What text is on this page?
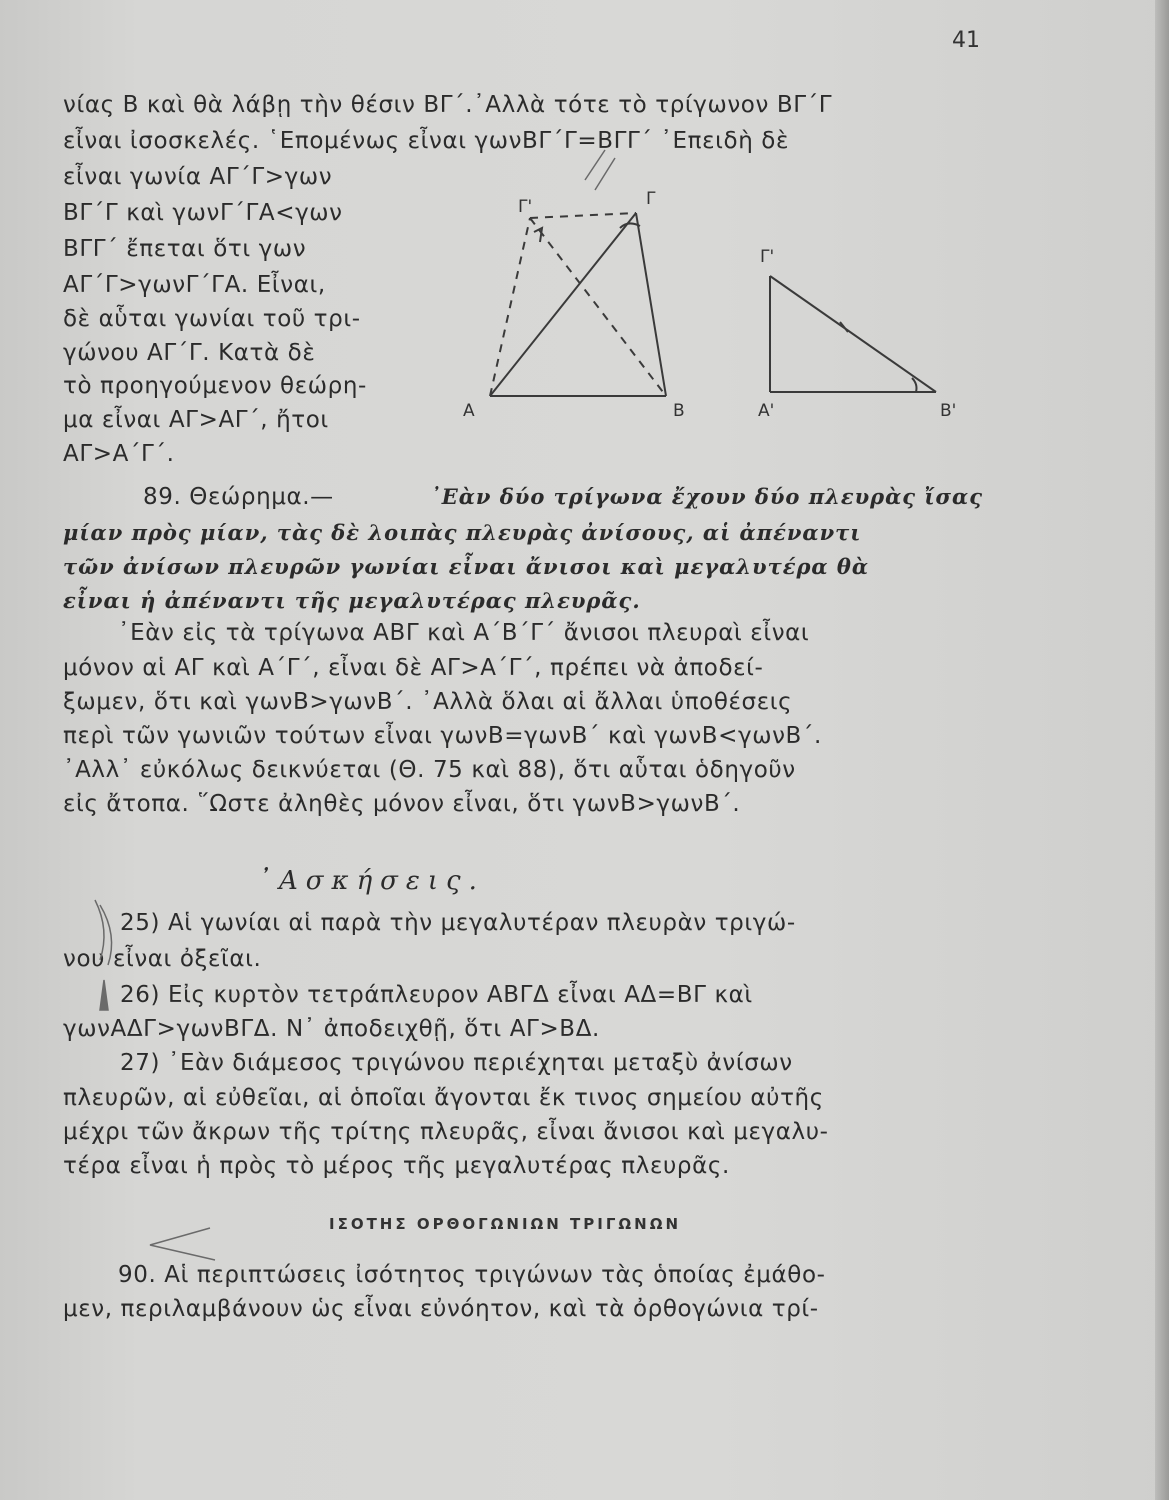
41
νίας Β καὶ θὰ λάβῃ τὴν θέσιν ΒΓ΄.᾿Αλλὰ τότε τὸ τρίγωνον ΒΓ΄Γ
εἶναι ἰσοσκελές. ῾Επομένως εἶναι γωνΒΓ΄Γ=ΒΓΓ΄ ᾿Επειδὴ δὲ
εἶναι γωνία ΑΓ΄Γ>γων
ΒΓ΄Γ καὶ γωνΓ΄ΓΑ<γων
ΒΓΓ΄ ἔπεται ὅτι γων
ΑΓ΄Γ>γωνΓ΄ΓΑ. Εἶναι,
δὲ αὗται γωνίαι τοῦ τρι-
γώνου ΑΓ΄Γ. Κατὰ δὲ
τὸ προηγούμενον θεώρη-
μα εἶναι ΑΓ>ΑΓ΄, ἤτοι
ΑΓ>Α΄Γ΄.
Γ'	Γ
Α	Β
Γ'
Α'	Β'
89. Θεώρημα.—	᾿Εὰν δύο τρίγωνα ἔχουν δύο πλευρὰς ἴσας
μίαν πρὸς μίαν, τὰς δὲ λοιπὰς πλευρὰς ἀνίσους, αἱ ἀπέναντι
τῶν ἀνίσων πλευρῶν γωνίαι εἶναι ἄνισοι καὶ μεγαλυτέρα θὰ
εἶναι ἡ ἀπέναντι τῆς μεγαλυτέρας πλευρᾶς.
᾿Εὰν εἰς τὰ τρίγωνα ΑΒΓ καὶ Α΄Β΄Γ΄ ἄνισοι πλευραὶ εἶναι
μόνον αἱ ΑΓ καὶ Α΄Γ΄, εἶναι δὲ ΑΓ>Α΄Γ΄, πρέπει νὰ ἀποδεί-
ξωμεν, ὅτι καὶ γωνΒ>γωνΒ΄. ᾿Αλλὰ ὅλαι αἱ ἄλλαι ὑποθέσεις
περὶ τῶν γωνιῶν τούτων εἶναι γωνΒ=γωνΒ΄ καὶ γωνΒ<γωνΒ΄.
᾿Αλλ᾿ εὐκόλως δεικνύεται (Θ. 75 καὶ 88), ὅτι αὗται ὁδηγοῦν
εἰς ἄτοπα. ῞Ωστε ἀληθὲς μόνον εἶναι, ὅτι γωνΒ>γωνΒ΄.
᾿Ασκήσεις.
25) Αἱ γωνίαι αἱ παρὰ τὴν μεγαλυτέραν πλευρὰν τριγώ-
νου εἶναι ὀξεῖαι.
26) Εἰς κυρτὸν τετράπλευρον ΑΒΓΔ εἶναι ΑΔ=ΒΓ καὶ
γωνΑΔΓ>γωνΒΓΔ. Ν᾿ ἀποδειχθῇ, ὅτι ΑΓ>ΒΔ.
27) ᾿Εὰν διάμεσος τριγώνου περιέχηται μεταξὺ ἀνίσων
πλευρῶν, αἱ εὐθεῖαι, αἱ ὁποῖαι ἄγονται ἔκ τινος σημείου αὐτῆς
μέχρι τῶν ἄκρων τῆς τρίτης πλευρᾶς, εἶναι ἄνισοι καὶ μεγαλυ-
τέρα εἶναι ἡ πρὸς τὸ μέρος τῆς μεγαλυτέρας πλευρᾶς.
ΙΣΟΤΗΣ ΟΡΘΟΓΩΝΙΩΝ ΤΡΙΓΩΝΩΝ
90. Αἱ περιπτώσεις ἰσότητος τριγώνων τὰς ὁποίας ἐμάθο-
μεν, περιλαμβάνουν ὡς εἶναι εὐνόητον, καὶ τὰ ὀρθογώνια τρί-
